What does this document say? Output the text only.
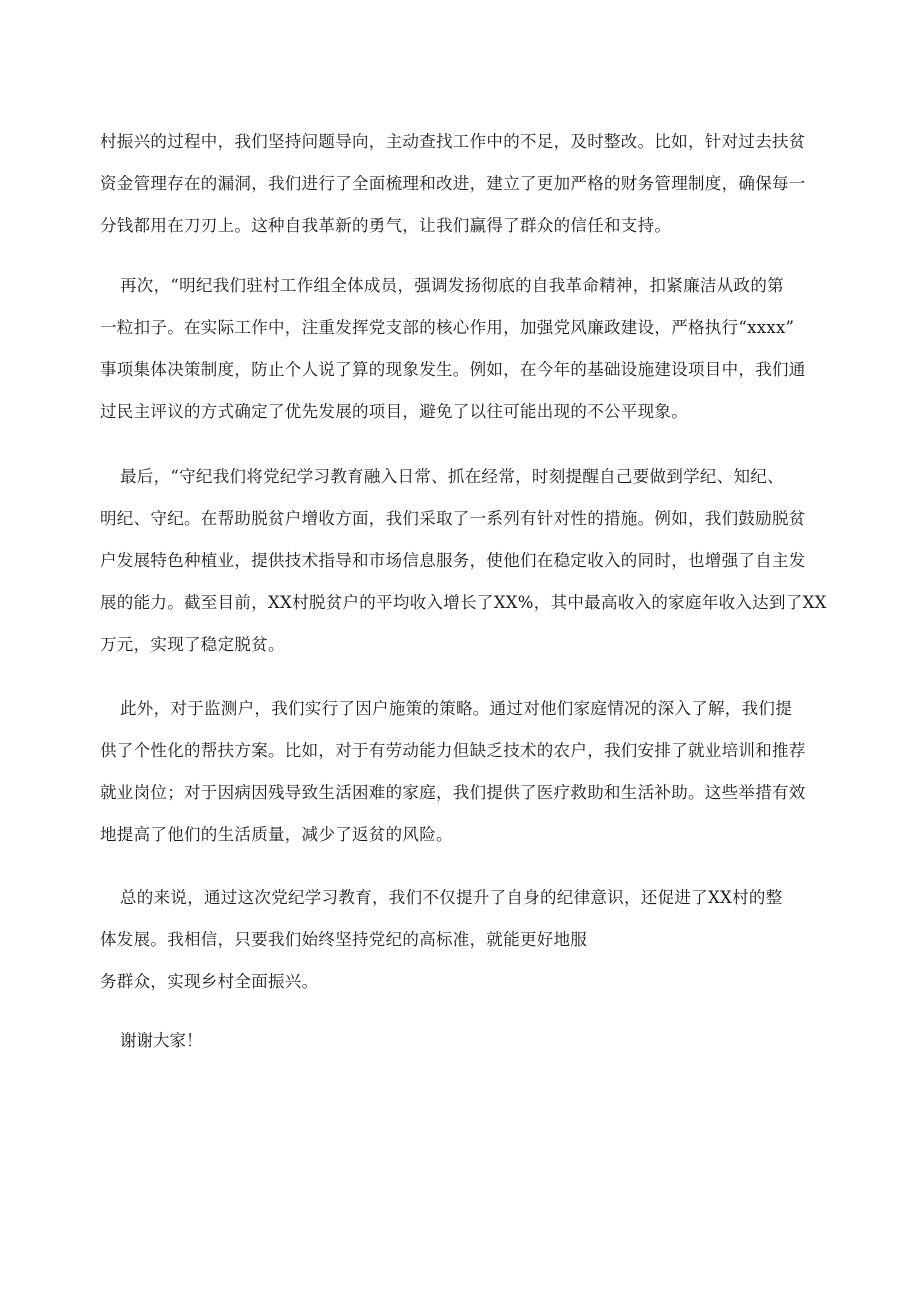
村振兴的过程中，我们坚持问题导向，主动查找工作中的不足，及时整改。比如，针对过去扶贫
资金管理存在的漏洞，我们进行了全面梳理和改进，建立了更加严格的财务管理制度，确保每一
分钱都用在刀刃上。这种自我革新的勇气，让我们赢得了群众的信任和支持。

再次，“明纪我们驻村工作组全体成员，强调发扬彻底的自我革命精神，扣紧廉洁从政的第
一粒扣子。在实际工作中，注重发挥党支部的核心作用，加强党风廉政建设，严格执行“xxxx”
事项集体决策制度，防止个人说了算的现象发生。例如，在今年的基础设施建设项目中，我们通
过民主评议的方式确定了优先发展的项目，避免了以往可能出现的不公平现象。

最后，“守纪我们将党纪学习教育融入日常、抓在经常，时刻提醒自己要做到学纪、知纪、
明纪、守纪。在帮助脱贫户增收方面，我们采取了一系列有针对性的措施。例如，我们鼓励脱贫
户发展特色种植业，提供技术指导和市场信息服务，使他们在稳定收入的同时，也增强了自主发
展的能力。截至目前，XX村脱贫户的平均收入增长了XX%，其中最高收入的家庭年收入达到了XX
万元，实现了稳定脱贫。

此外，对于监测户，我们实行了因户施策的策略。通过对他们家庭情况的深入了解，我们提
供了个性化的帮扶方案。比如，对于有劳动能力但缺乏技术的农户，我们安排了就业培训和推荐
就业岗位；对于因病因残导致生活困难的家庭，我们提供了医疗救助和生活补助。这些举措有效
地提高了他们的生活质量，减少了返贫的风险。

总的来说，通过这次党纪学习教育，我们不仅提升了自身的纪律意识，还促进了XX村的整
体发展。我相信，只要我们始终坚持党纪的高标准，就能更好地服
务群众，实现乡村全面振兴。

谢谢大家！
